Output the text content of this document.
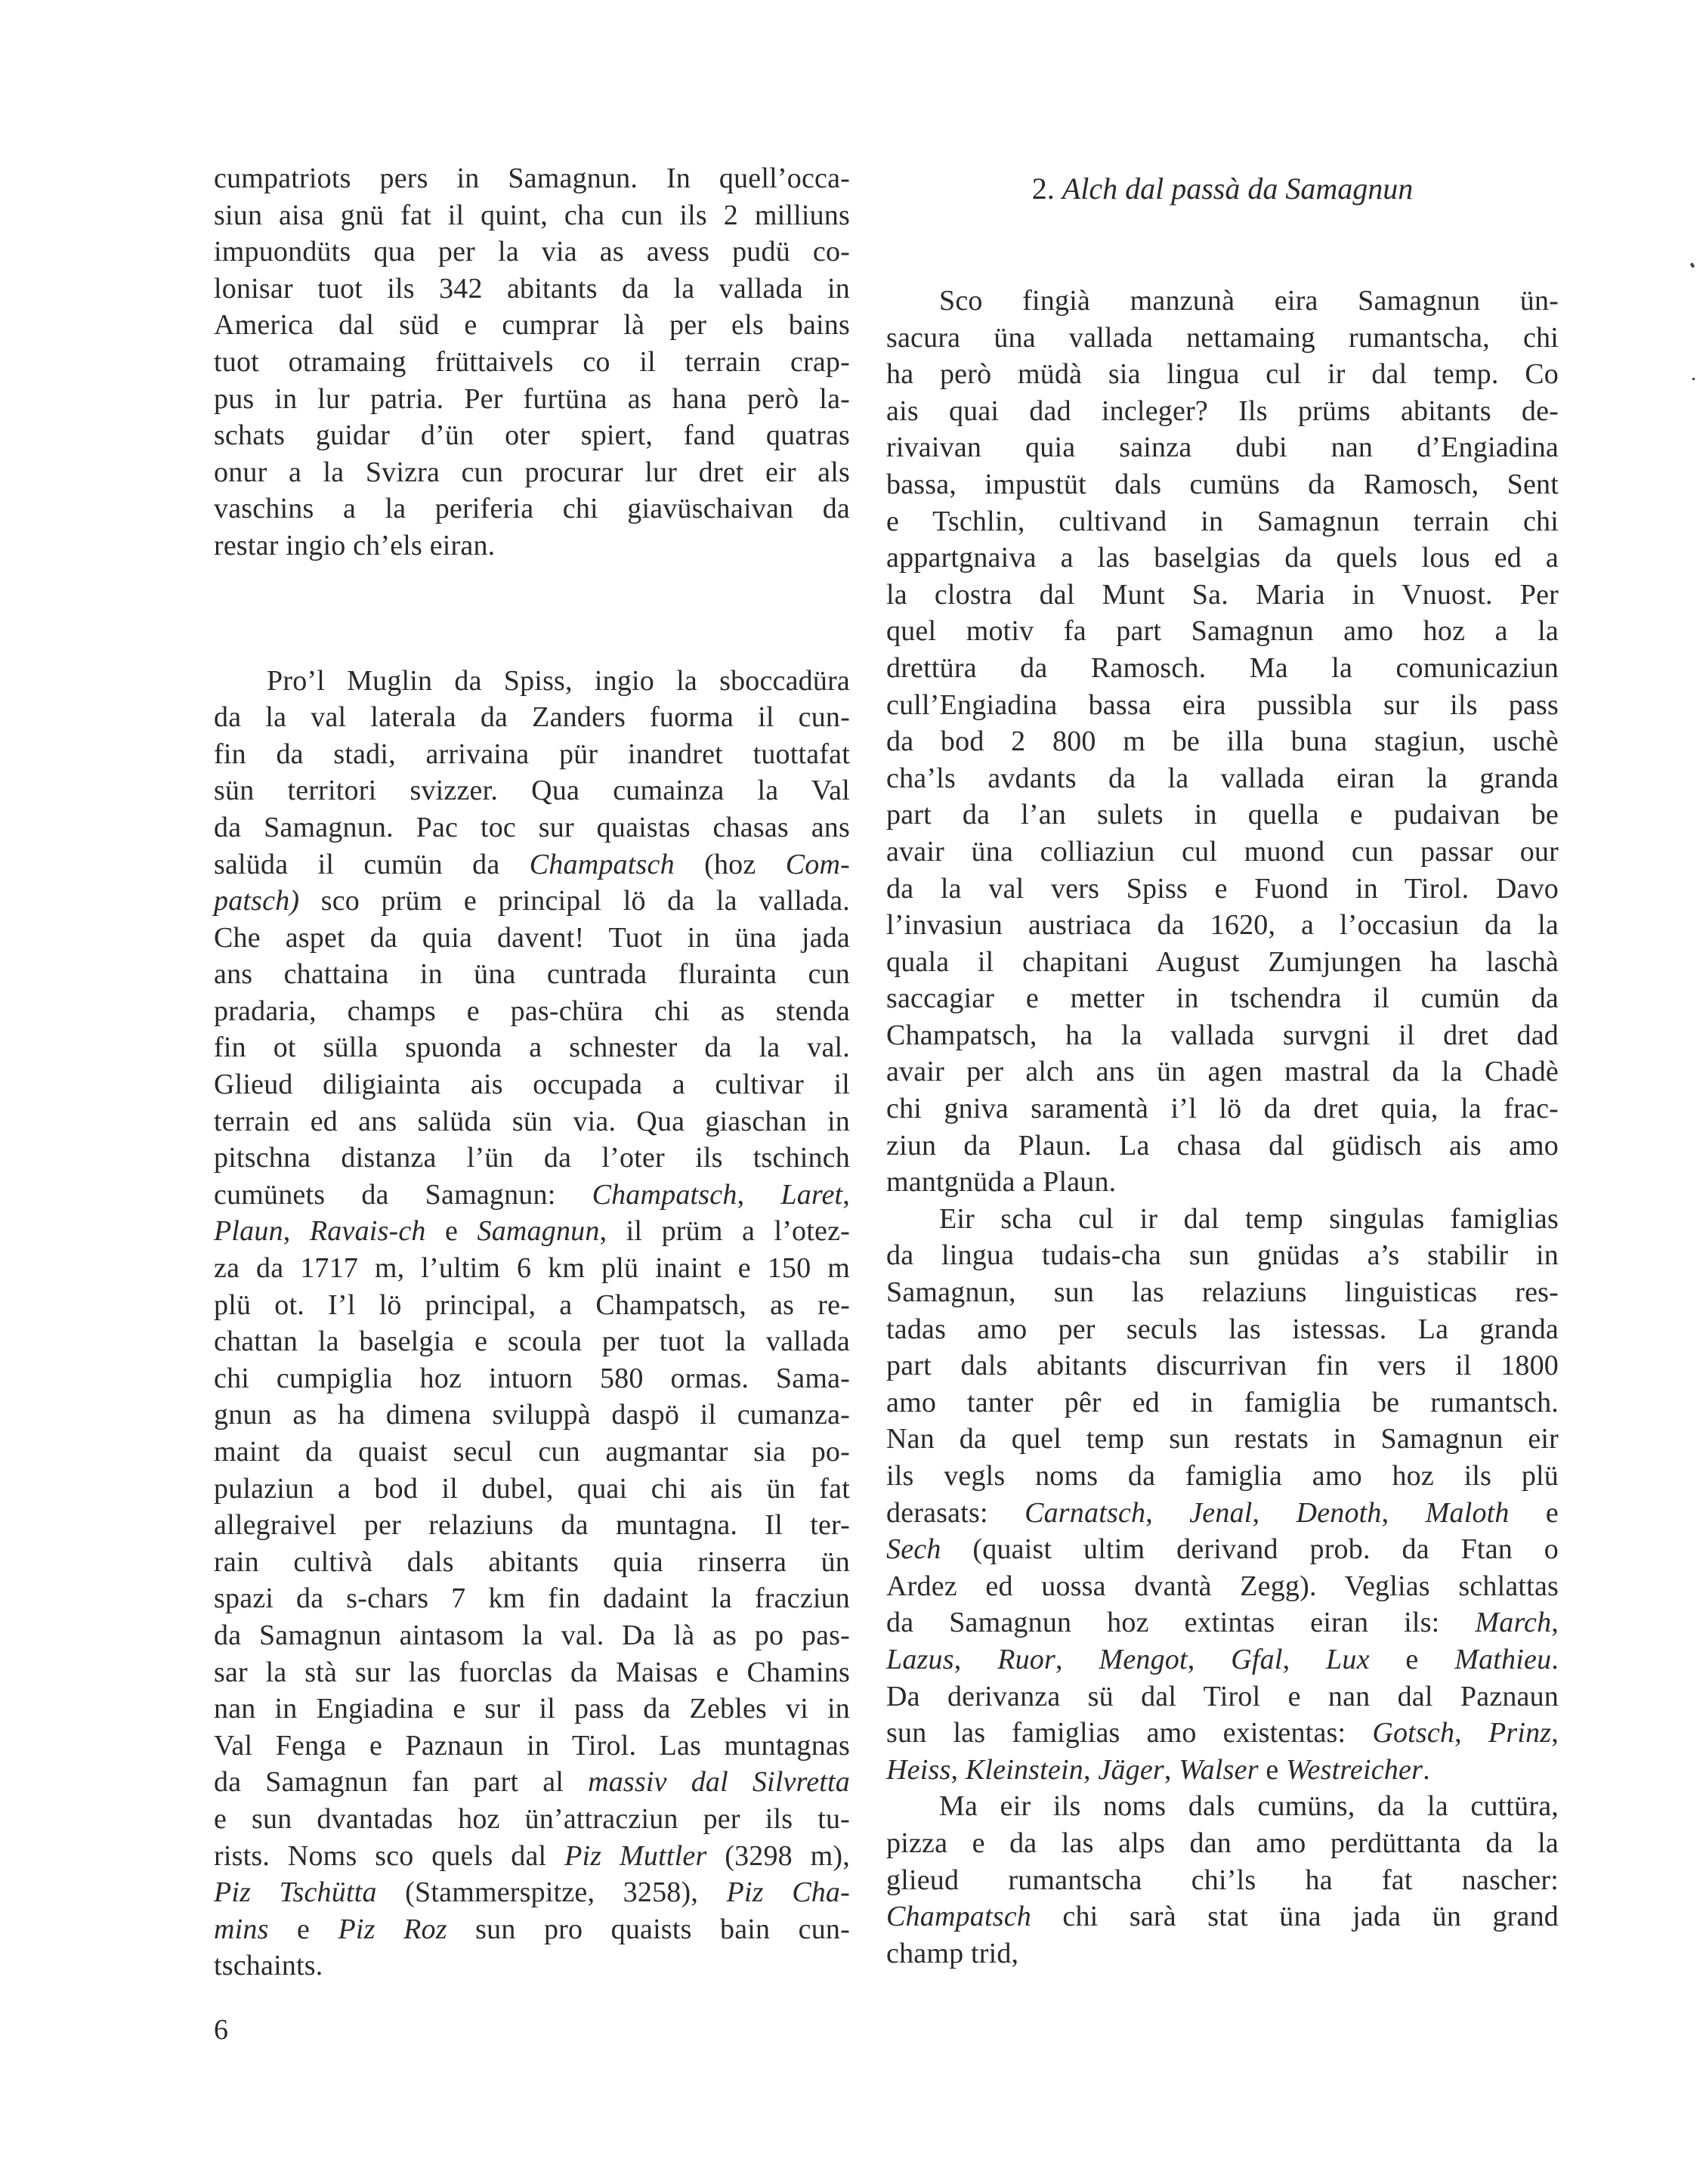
cumpatriots pers in Samagnun. In quell’occa-
siun aisa gnü fat il quint, cha cun ils 2 milliuns
impuondüts qua per la via as avess pudü co-
lonisar tuot ils 342 abitants da la vallada in
America dal süd e cumprar là per els bains
tuot otramaing früttaivels co il terrain crap-
pus in lur patria. Per furtüna as hana però la-
schats guidar d’ün oter spiert, fand quatras
onur a la Svizra cun procurar lur dret eir als
vaschins a la periferia chi giavüschaivan da
restar ingio ch’els eiran.
Pro’l Muglin da Spiss, ingio la sboccadüra
da la val laterala da Zanders fuorma il cun-
fin da stadi, arrivaina pür inandret tuottafat
sün territori svizzer. Qua cumainza la Val
da Samagnun. Pac toc sur quaistas chasas ans
salüda il cumün da Champatsch (hoz Com-
patsch) sco prüm e principal lö da la vallada.
Che aspet da quia davent! Tuot in üna jada
ans chattaina in üna cuntrada flurainta cun
pradaria, champs e pas-chüra chi as stenda
fin ot süllа spuonda a schnester da la val.
Glieud diligiainta ais occupada a cultivar il
terrain ed ans salüda sün via. Qua giaschan in
pitschna distanza l’ün da l’oter ils tschinch
cumünets da Samagnun: Champatsch, Laret,
Plaun, Ravais-ch e Samagnun, il prüm a l’otez-
za da 1717 m, l’ultim 6 km plü inaint e 150 m
plü ot. I’l lö principal, a Champatsch, as re-
chattan la baselgia e scoula per tuot la vallada
chi cumpiglia hoz intuorn 580 ormas. Sama-
gnun as ha dimena sviluppà daspö il cumanza-
maint da quaist secul cun augmantar sia po-
pulaziun a bod il dubel, quai chi ais ün fat
allegraivel per relaziuns da muntagna. Il ter-
rain cultivà dals abitants quia rinserra ün
spazi da s-chars 7 km fin dadaint la fracziun
da Samagnun aintasom la val. Da là as po pas-
sar la stà sur las fuorclas da Maisas e Chamins
nan in Engiadina e sur il pass da Zebles vi in
Val Fenga e Paznaun in Tirol. Las muntagnas
da Samagnun fan part al massiv dal Silvretta
e sun dvantadas hoz ün’attracziun per ils tu-
rists. Noms sco quels dal Piz Muttler (3298 m),
Piz Tschütta (Stammerspitze, 3258), Piz Cha-
mins e Piz Roz sun pro quaists bain cun-
tschaints.
2. Alch dal passà da Samagnun
Sco fingià manzunà eira Samagnun ün-
sacura üna vallada nettamaing rumantscha, chi
ha però müdà sia lingua cul ir dal temp. Co
ais quai dad incleger? Ils prüms abitants de-
rivaivan quia sainza dubi nan d’Engiadina
bassa, impustüt dals cumüns da Ramosch, Sent
e Tschlin, cultivand in Samagnun terrain chi
appartgnaiva a las baselgias da quels lous ed a
la clostra dal Munt Sa. Maria in Vnuost. Per
quel motiv fa part Samagnun amo hoz a la
drettüra da Ramosch. Ma la comunicaziun
cull’Engiadina bassa eira pussibla sur ils pass
da bod 2 800 m be illa buna stagiun, uschè
cha’ls avdants da la vallada eiran la granda
part da l’an sulets in quella e pudaivan be
avair üna colliaziun cul muond cun passar our
da la val vers Spiss e Fuond in Tirol. Davo
l’invasiun austriaca da 1620, a l’occasiun da la
quala il chapitani August Zumjungen ha laschà
saccagiar e metter in tschendra il cumün da
Champatsch, ha la vallada survgni il dret dad
avair per alch ans ün agen mastral da la Chadè
chi gniva saramentà i’l lö da dret quia, la frac-
ziun da Plaun. La chasa dal güdisch ais amo
mantgnüda a Plaun.
Eir scha cul ir dal temp singulas famiglias
da lingua tudais-cha sun gnüdas a’s stabilir in
Samagnun, sun las relaziuns linguisticas res-
tadas amo per seculs las istessas. La granda
part dals abitants discurrivan fin vers il 1800
amo tanter pêr ed in famiglia be rumantsch.
Nan da quel temp sun restats in Samagnun eir
ils vegls noms da famiglia amo hoz ils plü
derasats: Carnatsch, Jenal, Denoth, Maloth e
Sech (quaist ultim derivand prob. da Ftan o
Ardez ed uossa dvantà Zegg). Veglias schlattas
da Samagnun hoz extintas eiran ils: March,
Lazus, Ruor, Mengot, Gfal, Lux e Mathieu.
Da derivanza sü dal Tirol e nan dal Paznaun
sun las famiglias amo existentas: Gotsch, Prinz,
Heiss, Kleinstein, Jäger, Walser e Westreicher.
Ma eir ils noms dals cumüns, da la cuttüra,
pizza e da las alps dan amo perdüttanta da la
glieud rumantscha chi’ls ha fat nascher:
Champatsch chi sarà stat üna jada ün grand
champ trid,
6
